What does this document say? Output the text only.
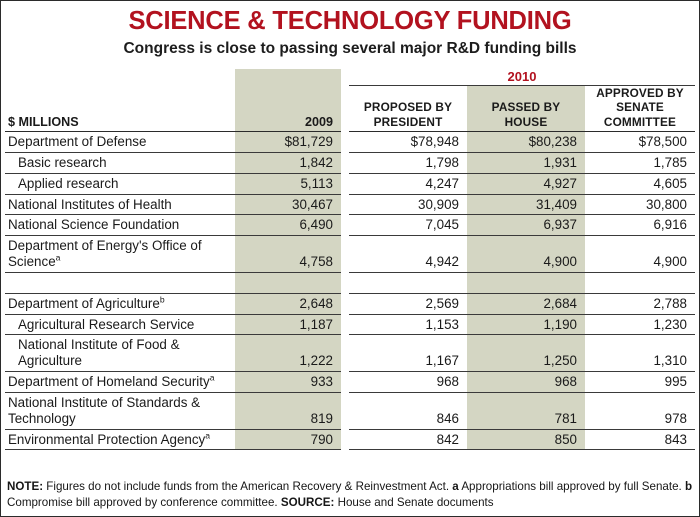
SCIENCE & TECHNOLOGY FUNDING
Congress is close to passing several major R&D funding bills
			2010		
$ MILLIONS	2009		
PROPOSED BY
PRESIDENT

PASSED BY
HOUSE

APPROVED BY
SENATE
COMMITTEE

Department of Defense	$81,729		$78,948	$80,238	$78,500
Basic research	1,842		1,798	1,931	1,785
Applied research	5,113		4,247	4,927	4,605
National Institutes of Health	30,467		30,909	31,409	30,800
National Science Foundation	6,490		7,045	6,937	6,916
Department of Energy's Office of Science$^a$	4,758		4,942	4,900	4,900

Department of Agriculture$^b$	2,648		2,569	2,684	2,788
Agricultural Research Service	1,187		1,153	1,190	1,230
National Institute of Food & Agriculture	1,222		1,167	1,250	1,310
Department of Homeland Security$^a$	933		968	968	995
National Institute of Standards & Technology	819		846	781	978
Environmental Protection Agency$^a$	790		842	850	843
NOTE: Figures do not include funds from the American Recovery & Reinvestment Act. a Appropriations bill approved by full Senate. b Compromise bill approved by conference committee. SOURCE: House and Senate documents
